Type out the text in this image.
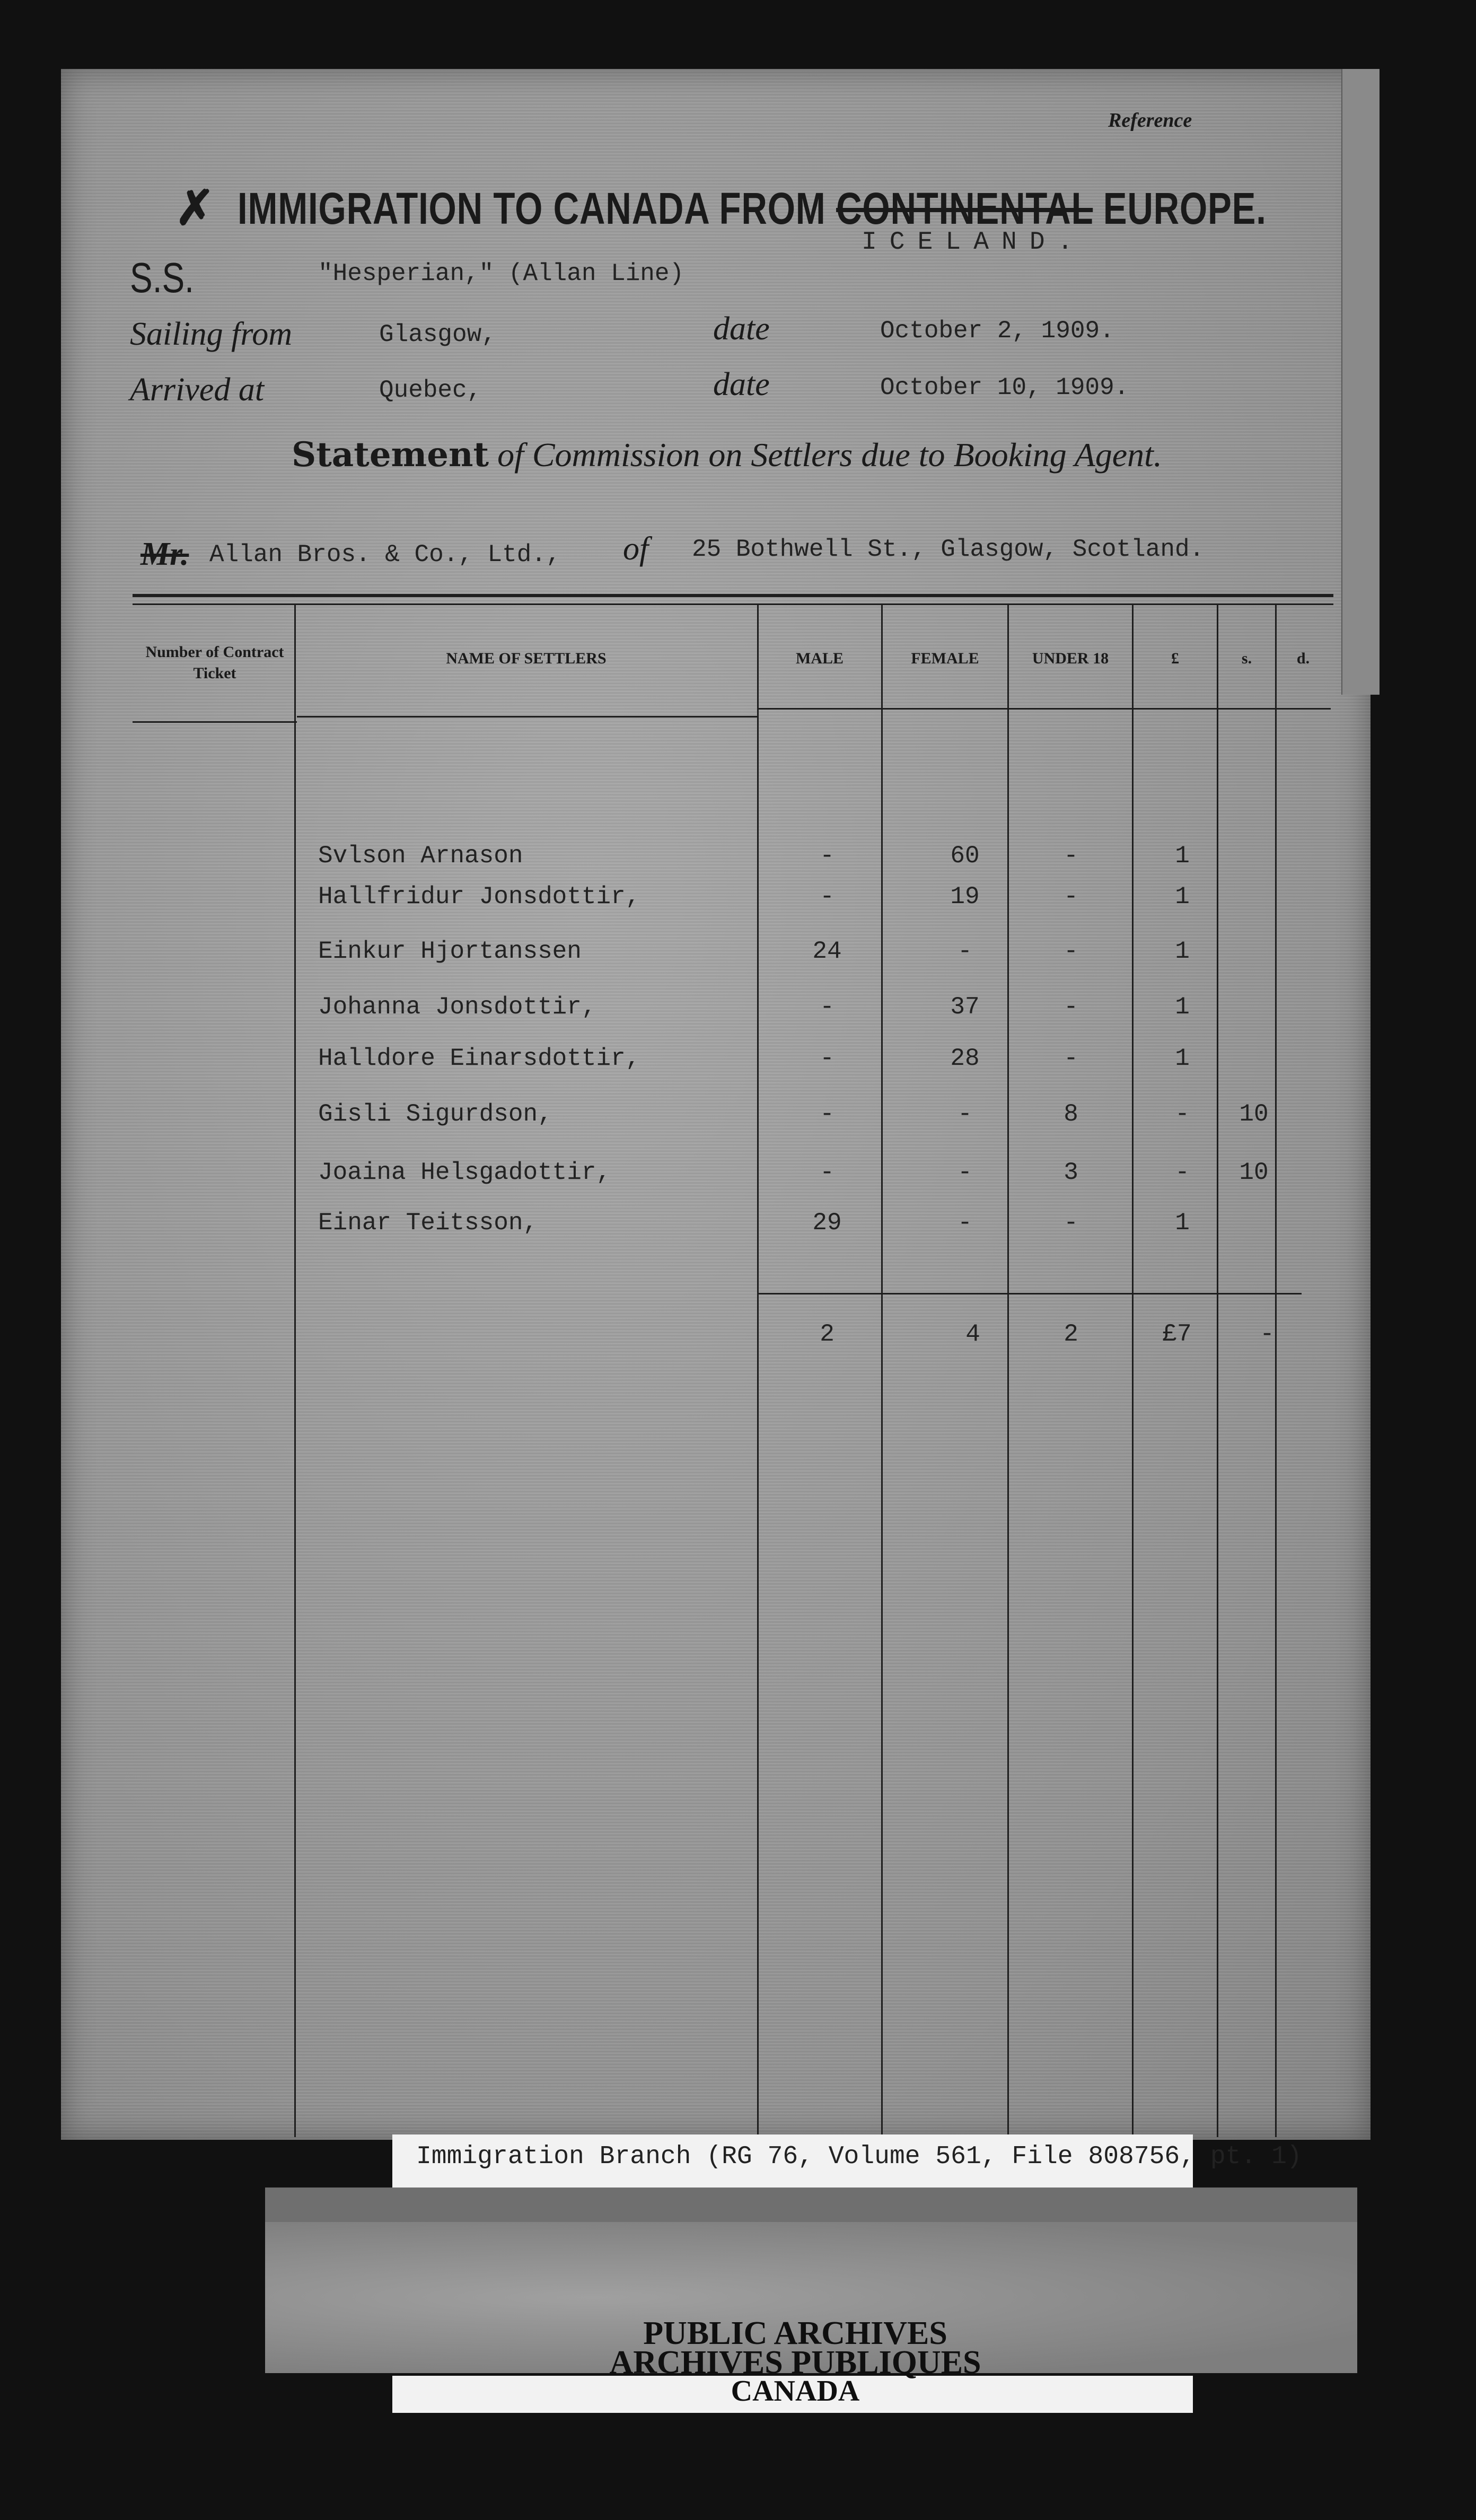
Reference
✗ IMMIGRATION TO CANADA FROM CONTINENTAL EUROPE.
ICELAND.
S.S.	"Hesperian," (Allan Line)
Sailing from	Glasgow,	date	October 2, 1909.
Arrived at	Quebec,	date	October 10, 1909.
Statement of Commission on Settlers due to Booking Agent.
Mr. Allan Bros. & Co., Ltd., of 25 Bothwell St., Glasgow, Scotland.
Number of Contract Ticket
NAME OF SETTLERS	MALE	FEMALE	UNDER 18	£	s.	d.
Svlson Arnason	-	60	-	1
Hallfridur Jonsdottir,	-	19	-	1
Einkur Hjortanssen	24	-	-	1
Johanna Jonsdottir,	-	37	-	1
Halldore Einarsdottir,	-	28	-	1
Gisli Sigurdson,	-	-	8	-	10
Joaina Helsgadottir,	-	-	3	-	10
Einar Teitsson,	29	-	-	1
2	4	2	£7	-
Immigration Branch (RG 76, Volume 561, File 808756, pt. 1)
PUBLIC ARCHIVES
ARCHIVES PUBLIQUES
CANADA
